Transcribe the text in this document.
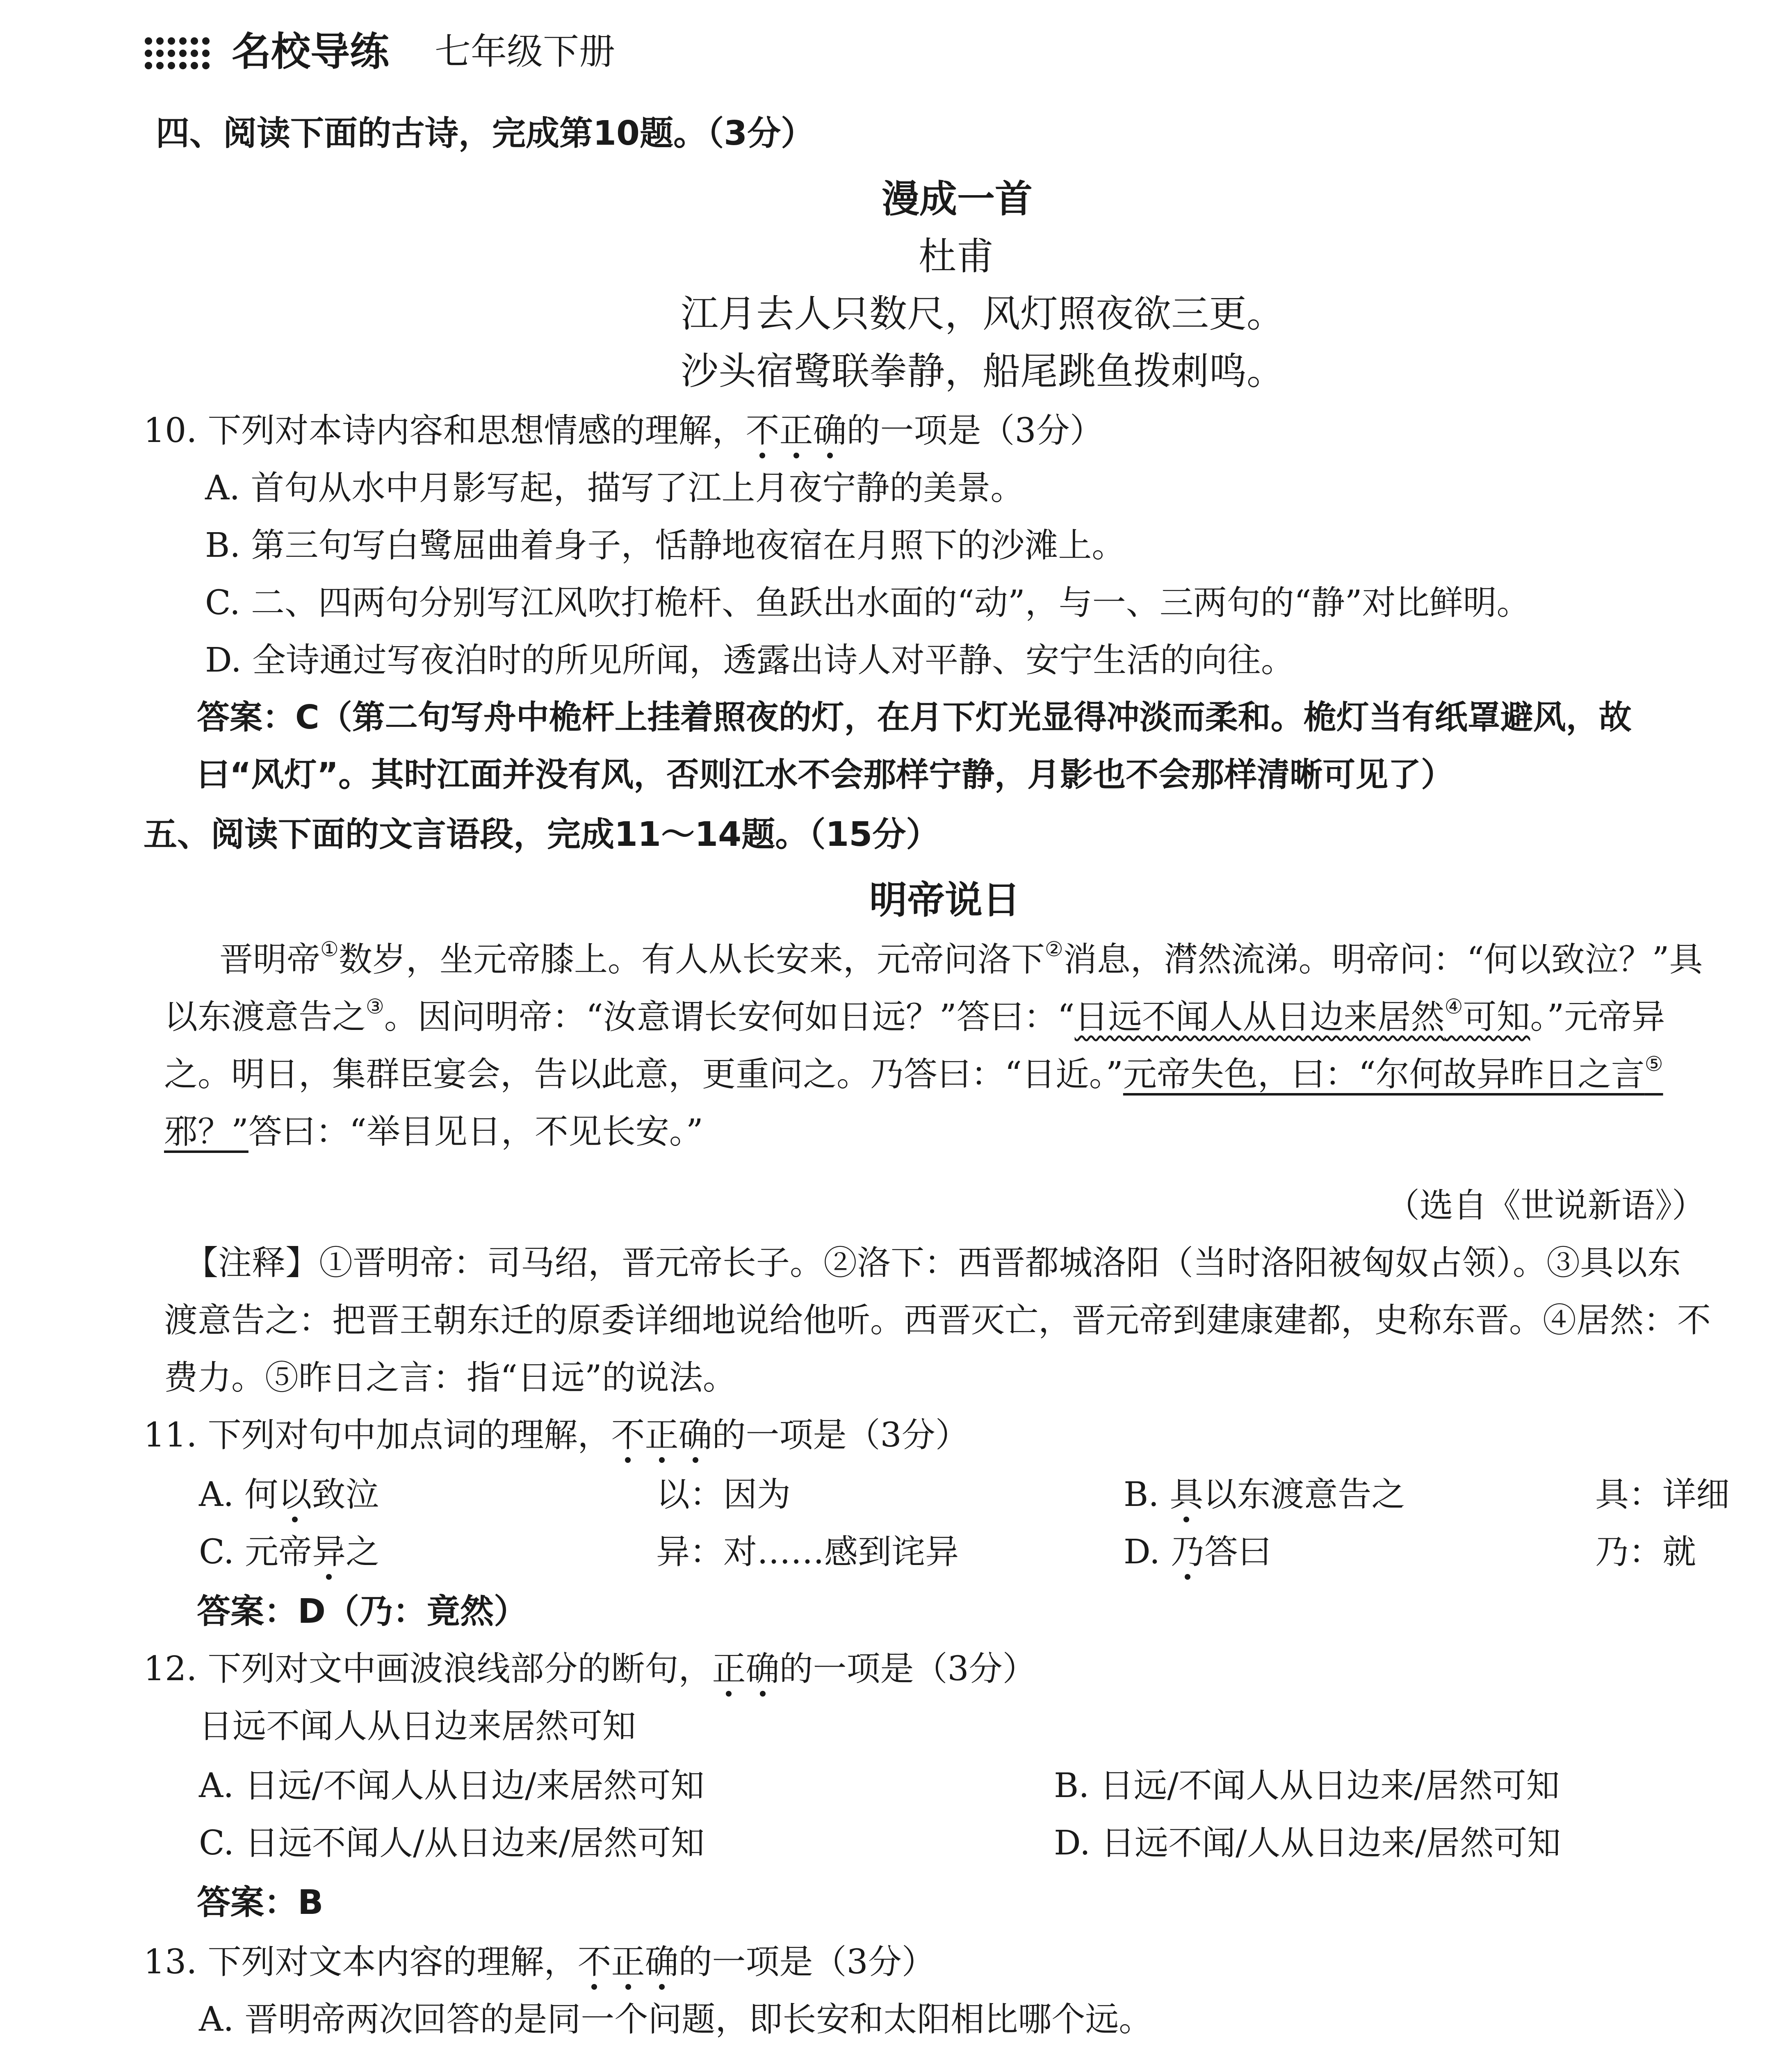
名校导练 七年级下册
四、阅读下面的古诗，完成第10题。（3分）
漫成一首
杜甫
江月去人只数尺，风灯照夜欲三更。
沙头宿鹭联拳静，船尾跳鱼拨刺鸣。
10. 下列对本诗内容和思想情感的理解，不正确的一项是（3分）
A. 首句从水中月影写起，描写了江上月夜宁静的美景。
B. 第三句写白鹭屈曲着身子，恬静地夜宿在月照下的沙滩上。
C. 二、四两句分别写江风吹打桅杆、鱼跃出水面的“动”，与一、三两句的“静”对比鲜明。
D. 全诗通过写夜泊时的所见所闻，透露出诗人对平静、安宁生活的向往。
答案：C（第二句写舟中桅杆上挂着照夜的灯，在月下灯光显得冲淡而柔和。桅灯当有纸罩避风，故
曰“风灯”。其时江面并没有风，否则江水不会那样宁静，月影也不会那样清晰可见了）
五、阅读下面的文言语段，完成11～14题。（15分）
明帝说日
晋明帝①数岁，坐元帝膝上。有人从长安来，元帝问洛下②消息，潸然流涕。明帝问：“何以致泣？”具
以东渡意告之③。因问明帝：“汝意谓长安何如日远？”答曰：“日远不闻人从日边来居然④可知。”元帝异
之。明日，集群臣宴会，告以此意，更重问之。乃答曰：“日近。”元帝失色，曰：“尔何故异昨日之言⑤
邪？”答曰：“举目见日，不见长安。”
（选自《世说新语》）
【注释】①晋明帝：司马绍，晋元帝长子。②洛下：西晋都城洛阳（当时洛阳被匈奴占领）。③具以东
渡意告之：把晋王朝东迁的原委详细地说给他听。西晋灭亡，晋元帝到建康建都，史称东晋。④居然：不
费力。⑤昨日之言：指“日远”的说法。
11. 下列对句中加点词的理解，不正确的一项是（3分）
A. 何以致泣	以：因为	B. 具以东渡意告之	具：详细
C. 元帝异之	异：对……感到诧异	D. 乃答曰	乃：就
答案：D（乃：竟然）
12. 下列对文中画波浪线部分的断句，正确的一项是（3分）
日远不闻人从日边来居然可知
A. 日远/不闻人从日边/来居然可知	B. 日远/不闻人从日边来/居然可知
C. 日远不闻人/从日边来/居然可知	D. 日远不闻/人从日边来/居然可知
答案：B
13. 下列对文本内容的理解，不正确的一项是（3分）
A. 晋明帝两次回答的是同一个问题，即长安和太阳相比哪个远。
